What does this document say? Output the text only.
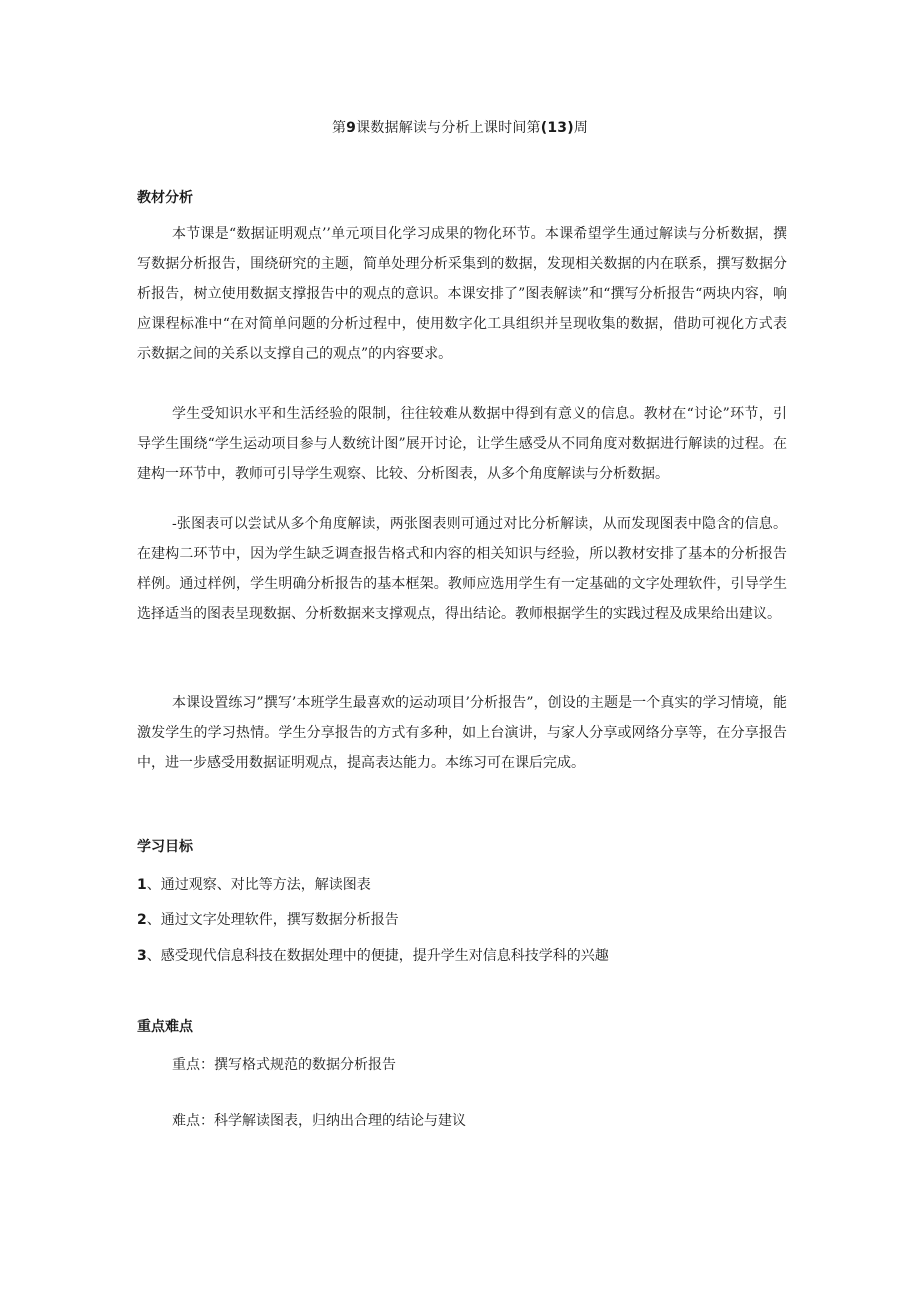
第9课数据解读与分析上课时间第(13)周
教材分析

本节课是“数据证明观点’’单元项目化学习成果的物化环节。本课希望学生通过解读与分析数据，撰写数据分析报告，围绕研究的主题，简单处理分析采集到的数据，发现相关数据的内在联系，撰写数据分析报告，树立使用数据支撑报告中的观点的意识。本课安排了”图表解读”和“撰写分析报告“两块内容，响应课程标准中“在对简单问题的分析过程中，使用数字化工具组织并呈现收集的数据，借助可视化方式表示数据之间的关系以支撑自己的观点”的内容要求。

学生受知识水平和生活经验的限制，往往较难从数据中得到有意义的信息。教材在“讨论”环节，引导学生围绕“学生运动项目参与人数统计图”展开讨论，让学生感受从不同角度对数据进行解读的过程。在建构一环节中，教师可引导学生观察、比较、分析图表，从多个角度解读与分析数据。

-张图表可以尝试从多个角度解读，两张图表则可通过对比分析解读，从而发现图表中隐含的信息。在建构二环节中，因为学生缺乏调查报告格式和内容的相关知识与经验，所以教材安排了基本的分析报告样例。通过样例，学生明确分析报告的基本框架。教师应选用学生有一定基础的文字处理软件，引导学生选择适当的图表呈现数据、分析数据来支撑观点，得出结论。教师根据学生的实践过程及成果给出建议。

本课设置练习”撰写’本班学生最喜欢的运动项目’分析报告”，创设的主题是一个真实的学习情境，能激发学生的学习热情。学生分享报告的方式有多种，如上台演讲，与家人分享或网络分享等，在分享报告中，进一步感受用数据证明观点，提高表达能力。本练习可在课后完成。

学习目标

1、通过观察、对比等方法，解读图表

2、通过文字处理软件，撰写数据分析报告

3、感受现代信息科技在数据处理中的便捷，提升学生对信息科技学科的兴趣

重点难点

重点：撰写格式规范的数据分析报告

难点：科学解读图表，归纳出合理的结论与建议
